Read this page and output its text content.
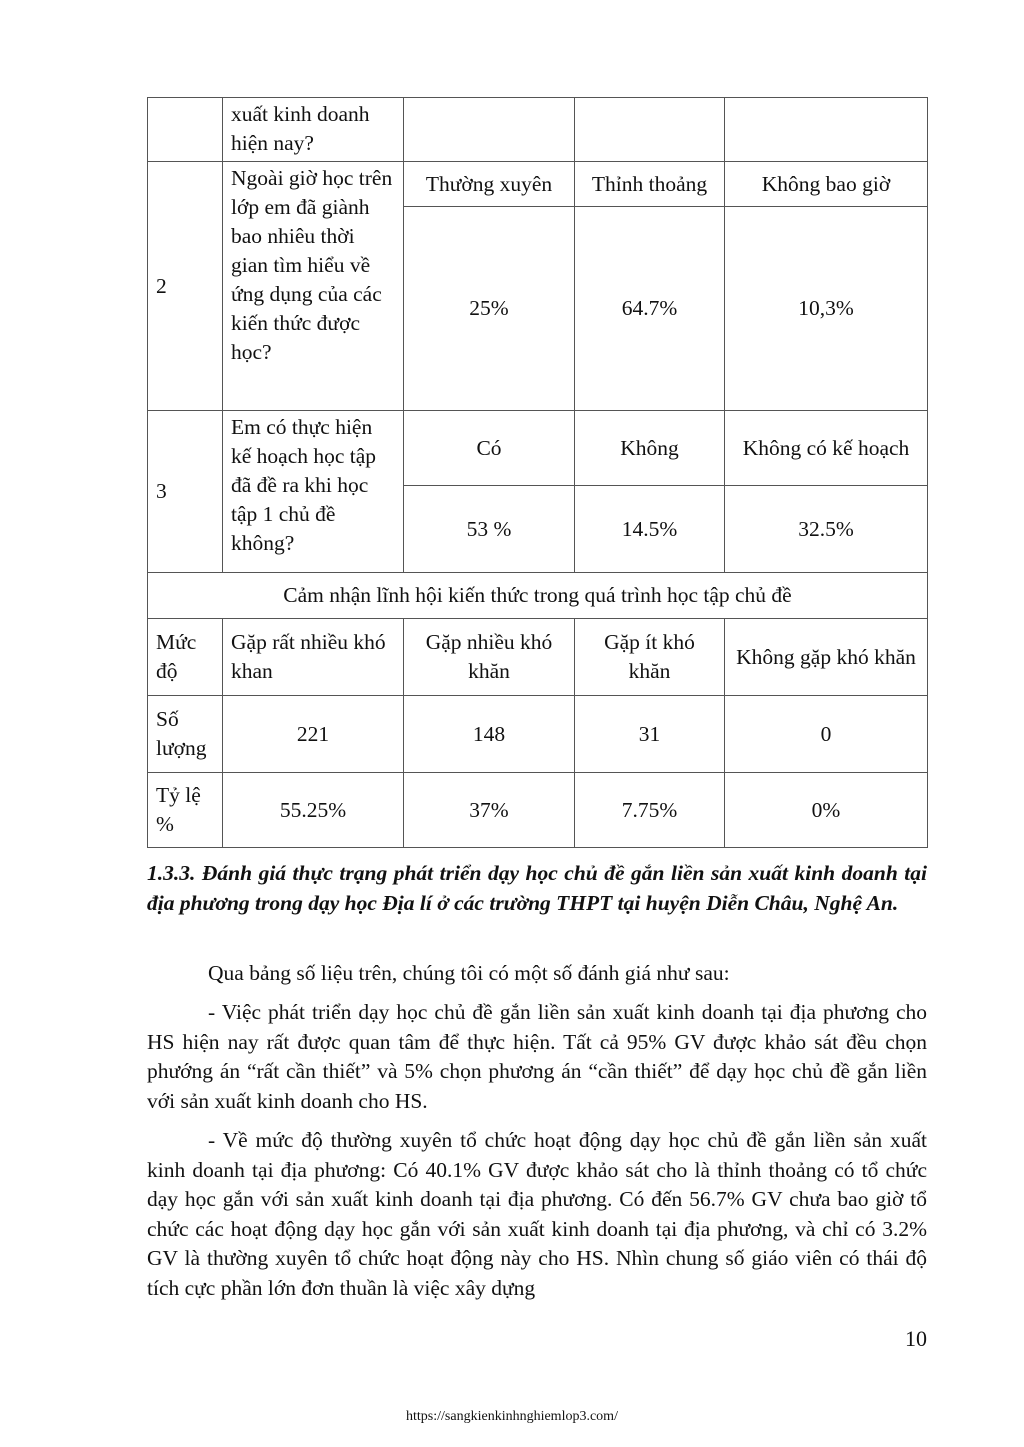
	xuất kinh doanh hiện nay?			
2	Ngoài giờ học trên lớp em đã giành bao nhiêu thời gian tìm hiểu về ứng dụng của các kiến thức được học?	Thường xuyên	Thỉnh thoảng	Không bao giờ
		25%	64.7%	10,3%
3	Em có thực hiện kế hoạch học tập đã đề ra khi học tập 1 chủ đề không?	Có	Không	Không có kế hoạch
		53 %	14.5%	32.5%
Cảm nhận lĩnh hội kiến thức trong quá trình học tập chủ đề				
Mức độ	Gặp rất nhiều khó khan	Gặp nhiều khó khăn	Gặp ít khó khăn	Không gặp khó khăn
Số lượng	221	148	31	0
Tỷ lệ %	55.25%	37%	7.75%	0%

1.3.3. Đánh giá thực trạng phát triển dạy học chủ đề gắn liền sản xuất kinh doanh tại địa phương trong dạy học Địa lí ở các trường THPT tại huyện Diễn Châu, Nghệ An.

Qua bảng số liệu trên, chúng tôi có một số đánh giá như sau:

- Việc phát triển dạy học chủ đề gắn liền sản xuất kinh doanh tại địa phương cho HS hiện nay rất được quan tâm để thực hiện. Tất cả 95% GV được khảo sát đều chọn phướng án “rất cần thiết” và 5% chọn phương án “cần thiết” để dạy học chủ đề gắn liền với sản xuất kinh doanh cho HS.

- Về mức độ thường xuyên tổ chức hoạt động dạy học chủ đề gắn liền sản xuất kinh doanh tại địa phương: Có 40.1% GV được khảo sát cho là thỉnh thoảng có tổ chức dạy học gắn với sản xuất kinh doanh tại địa phương. Có đến 56.7% GV chưa bao giờ tổ chức các hoạt động dạy học gắn với sản xuất kinh doanh tại địa phương, và chỉ có 3.2% GV là thường xuyên tổ chức hoạt động này cho HS. Nhìn chung số giáo viên có thái độ tích cực phần lớn đơn thuần là việc xây dựng

10
https://sangkienkinhnghiemlop3.com/
